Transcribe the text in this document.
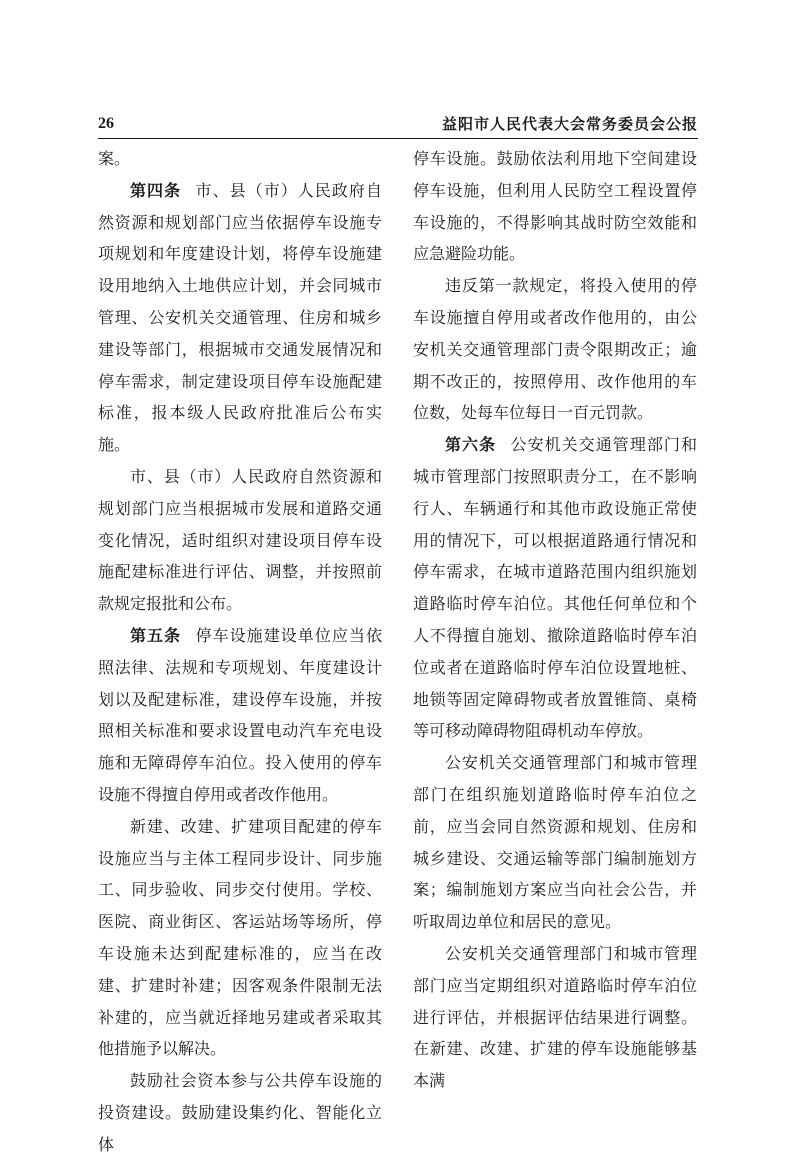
26	益阳市人民代表大会常务委员会公报

案。

第四条 市、县（市）人民政府自然资源和规划部门应当依据停车设施专项规划和年度建设计划，将停车设施建设用地纳入土地供应计划，并会同城市管理、公安机关交通管理、住房和城乡建设等部门，根据城市交通发展情况和停车需求，制定建设项目停车设施配建标准，报本级人民政府批准后公布实施。

市、县（市）人民政府自然资源和规划部门应当根据城市发展和道路交通变化情况，适时组织对建设项目停车设施配建标准进行评估、调整，并按照前款规定报批和公布。

第五条 停车设施建设单位应当依照法律、法规和专项规划、年度建设计划以及配建标准，建设停车设施，并按照相关标准和要求设置电动汽车充电设施和无障碍停车泊位。投入使用的停车设施不得擅自停用或者改作他用。

新建、改建、扩建项目配建的停车设施应当与主体工程同步设计、同步施工、同步验收、同步交付使用。学校、医院、商业街区、客运站场等场所，停车设施未达到配建标准的，应当在改建、扩建时补建；因客观条件限制无法补建的，应当就近择地另建或者采取其他措施予以解决。

鼓励社会资本参与公共停车设施的投资建设。鼓励建设集约化、智能化立体

停车设施。鼓励依法利用地下空间建设停车设施，但利用人民防空工程设置停车设施的，不得影响其战时防空效能和应急避险功能。

违反第一款规定，将投入使用的停车设施擅自停用或者改作他用的，由公安机关交通管理部门责令限期改正；逾期不改正的，按照停用、改作他用的车位数，处每车位每日一百元罚款。

第六条 公安机关交通管理部门和城市管理部门按照职责分工，在不影响行人、车辆通行和其他市政设施正常使用的情况下，可以根据道路通行情况和停车需求，在城市道路范围内组织施划道路临时停车泊位。其他任何单位和个人不得擅自施划、撤除道路临时停车泊位或者在道路临时停车泊位设置地桩、地锁等固定障碍物或者放置锥筒、桌椅等可移动障碍物阻碍机动车停放。

公安机关交通管理部门和城市管理部门在组织施划道路临时停车泊位之前，应当会同自然资源和规划、住房和城乡建设、交通运输等部门编制施划方案；编制施划方案应当向社会公告，并听取周边单位和居民的意见。

公安机关交通管理部门和城市管理部门应当定期组织对道路临时停车泊位进行评估，并根据评估结果进行调整。在新建、改建、扩建的停车设施能够基本满
